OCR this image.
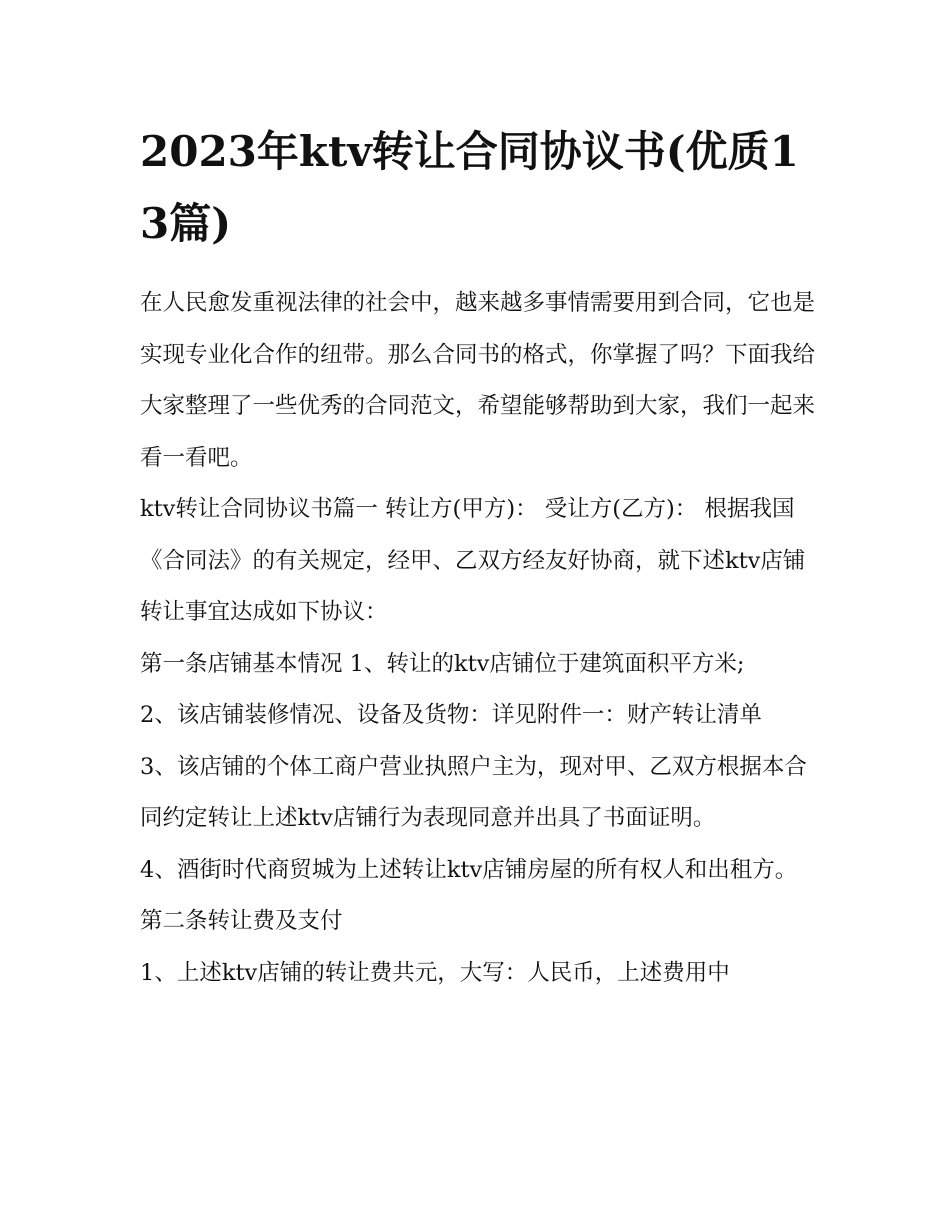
2023年ktv转让合同协议书(优质13篇)

在人民愈发重视法律的社会中，越来越多事情需要用到合同，它也是实现专业化合作的纽带。那么合同书的格式，你掌握了吗？下面我给大家整理了一些优秀的合同范文，希望能够帮助到大家，我们一起来看一看吧。

ktv转让合同协议书篇一 转让方(甲方)： 受让方(乙方)： 根据我国《合同法》的有关规定，经甲、乙双方经友好协商，就下述ktv店铺转让事宜达成如下协议：

第一条店铺基本情况 1、转让的ktv店铺位于建筑面积平方米;

2、该店铺装修情况、设备及货物：详见附件一：财产转让清单

3、该店铺的个体工商户营业执照户主为，现对甲、乙双方根据本合同约定转让上述ktv店铺行为表现同意并出具了书面证明。

4、酒街时代商贸城为上述转让ktv店铺房屋的所有权人和出租方。 第二条转让费及支付

1、上述ktv店铺的转让费共元，大写：人民币，上述费用中
